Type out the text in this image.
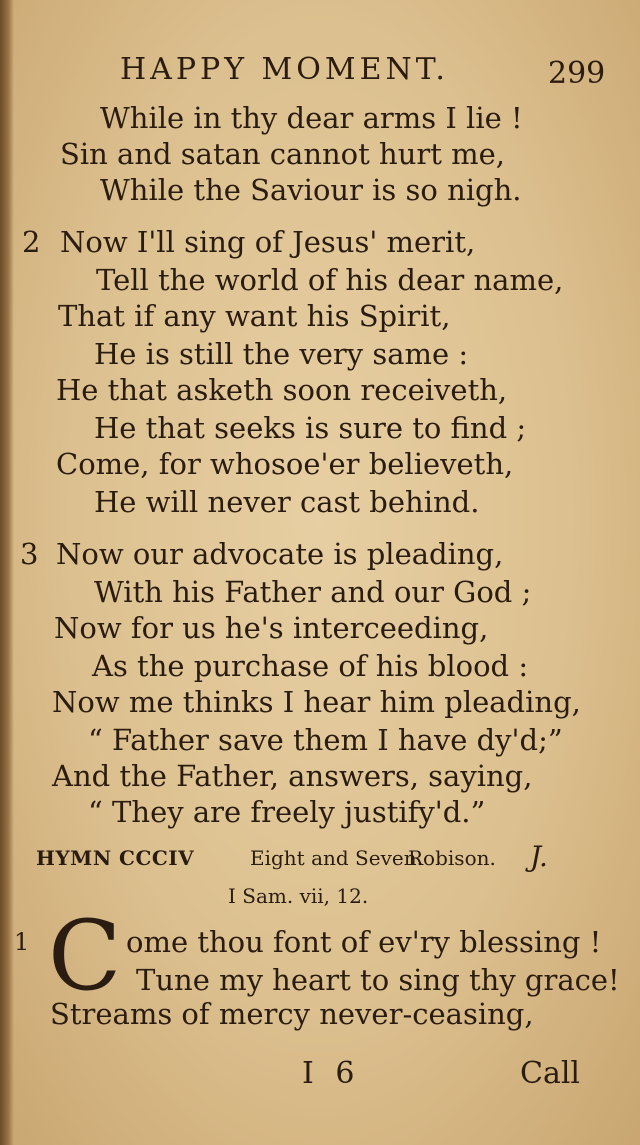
HAPPY MOMENT.	299
While in thy dear arms I lie !
Sin and satan cannot hurt me,
While the Saviour is so nigh.
2 Now I'll sing of Jesus' merit,
Tell the world of his dear name,
That if any want his Spirit,
He is still the very same :
He that asketh soon receiveth,
He that seeks is sure to find ;
Come, for whosoe'er believeth,
He will never cast behind.
3 Now our advocate is pleading,
With his Father and our God ;
Now for us he's interceeding,
As the purchase of his blood :
Now me thinks I hear him pleading,
“ Father save them I have dy'd;”
And the Father, answers, saying,
“ They are freely justify'd.”
HYMN CCCIV	Eight and Seven.
Robison. J.
I Sam. vii, 12.
1 C ome thou font of ev'ry blessing !
Tune my heart to sing thy grace!
Streams of mercy never-ceasing,
I 6	Call
